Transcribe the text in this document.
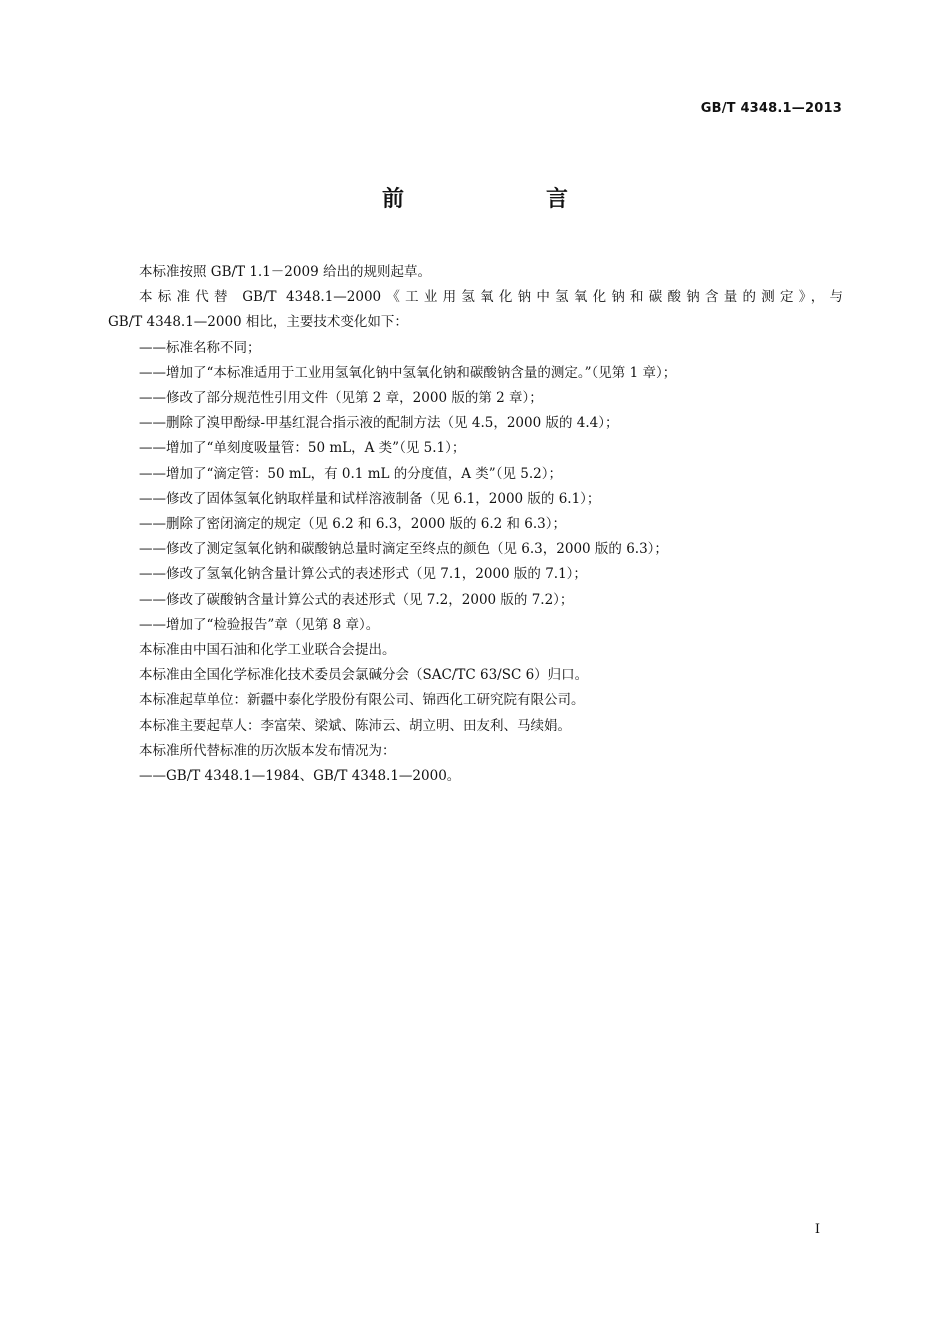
GB/T 4348.1—2013
前　言

本标准按照 GB/T 1.1－2009 给出的规则起草。

本标准代替 GB/T 4348.1—2000《工业用氢氧化钠中氢氧化钠和碳酸钠含量的测定》，与

GB/T 4348.1—2000 相比，主要技术变化如下：

——标准名称不同；

——增加了“本标准适用于工业用氢氧化钠中氢氧化钠和碳酸钠含量的测定。”（见第 1 章）；

——修改了部分规范性引用文件（见第 2 章，2000 版的第 2 章）；

——删除了溴甲酚绿-甲基红混合指示液的配制方法（见 4.5，2000 版的 4.4）；

——增加了“单刻度吸量管：50 mL，A 类”（见 5.1）；

——增加了“滴定管：50 mL，有 0.1 mL 的分度值，A 类”（见 5.2）；

——修改了固体氢氧化钠取样量和试样溶液制备（见 6.1，2000 版的 6.1）；

——删除了密闭滴定的规定（见 6.2 和 6.3，2000 版的 6.2 和 6.3）；

——修改了测定氢氧化钠和碳酸钠总量时滴定至终点的颜色（见 6.3，2000 版的 6.3）；

——修改了氢氧化钠含量计算公式的表述形式（见 7.1，2000 版的 7.1）；

——修改了碳酸钠含量计算公式的表述形式（见 7.2，2000 版的 7.2）；

——增加了“检验报告”章（见第 8 章）。

本标准由中国石油和化学工业联合会提出。

本标准由全国化学标准化技术委员会氯碱分会（SAC/TC 63/SC 6）归口。

本标准起草单位：新疆中泰化学股份有限公司、锦西化工研究院有限公司。

本标准主要起草人：李富荣、梁斌、陈沛云、胡立明、田友利、马续娟。

本标准所代替标准的历次版本发布情况为：

——GB/T 4348.1—1984、GB/T 4348.1—2000。

I
